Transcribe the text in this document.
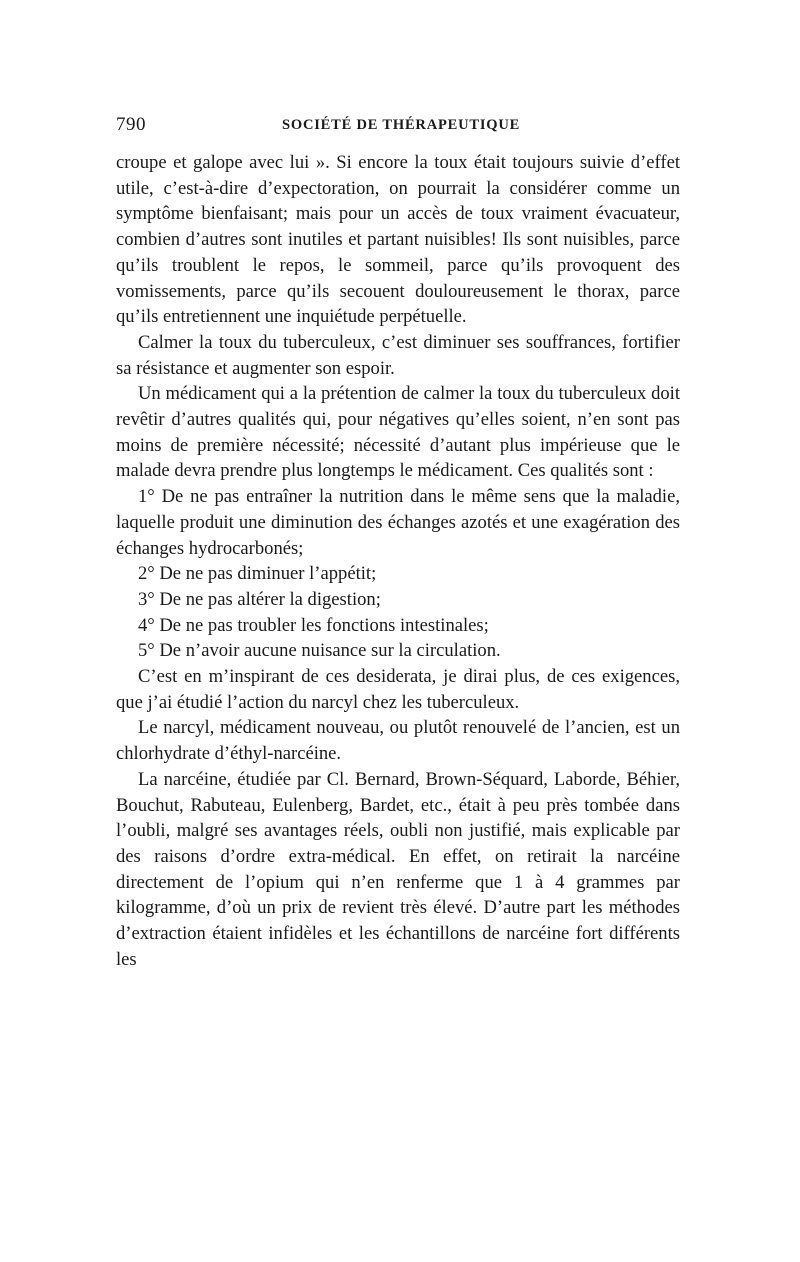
790	SOCIÉTÉ DE THÉRAPEUTIQUE

croupe et galope avec lui ». Si encore la toux était toujours suivie d’effet utile, c’est-à-dire d’expectoration, on pourrait la considérer comme un symptôme bienfaisant; mais pour un accès de toux vraiment évacuateur, combien d’autres sont inutiles et partant nuisibles! Ils sont nuisibles, parce qu’ils troublent le repos, le sommeil, parce qu’ils provoquent des vomissements, parce qu’ils secouent douloureusement le thorax, parce qu’ils entretiennent une inquiétude perpétuelle.

Calmer la toux du tuberculeux, c’est diminuer ses souffrances, fortifier sa résistance et augmenter son espoir.

Un médicament qui a la prétention de calmer la toux du tuberculeux doit revêtir d’autres qualités qui, pour négatives qu’elles soient, n’en sont pas moins de première nécessité; nécessité d’autant plus impérieuse que le malade devra prendre plus longtemps le médicament. Ces qualités sont :

1° De ne pas entraîner la nutrition dans le même sens que la maladie, laquelle produit une diminution des échanges azotés et une exagération des échanges hydrocarbonés;

2° De ne pas diminuer l’appétit;

3° De ne pas altérer la digestion;

4° De ne pas troubler les fonctions intestinales;

5° De n’avoir aucune nuisance sur la circulation.

C’est en m’inspirant de ces desiderata, je dirai plus, de ces exigences, que j’ai étudié l’action du narcyl chez les tuberculeux.

Le narcyl, médicament nouveau, ou plutôt renouvelé de l’ancien, est un chlorhydrate d’éthyl-narcéine.

La narcéine, étudiée par Cl. Bernard, Brown-Séquard, Laborde, Béhier, Bouchut, Rabuteau, Eulenberg, Bardet, etc., était à peu près tombée dans l’oubli, malgré ses avantages réels, oubli non justifié, mais explicable par des raisons d’ordre extra-médical. En effet, on retirait la narcéine directement de l’opium qui n’en renferme que 1 à 4 grammes par kilogramme, d’où un prix de revient très élevé. D’autre part les méthodes d’extraction étaient infidèles et les échantillons de narcéine fort différents les
